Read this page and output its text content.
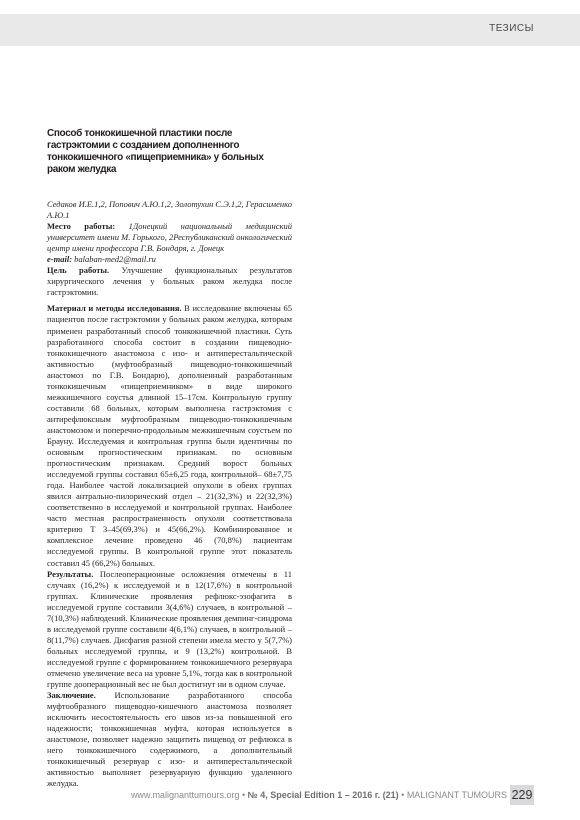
ТЕЗИСЫ
Способ тонкокишечной пластики после гастрэктомии с созданием дополненного тонкокишечного «пищеприемника» у больных раком желудка

Седаков И.Е.1,2, Попович А.Ю.1,2, Золотухин С.Э.1,2, Герасименко А.Ю.1

Место работы: 1Донецкий национальный медицинский университет имени М. Горького, 2Республиканский онкологический центр имени профессора Г.В. Бондаря, г. Донецк

e-mail: balaban-med2@mail.ru

Цель работы. Улучшение функциональных результатов хирургического лечения у больных раком желудка после гастрэктомии.

Материал и методы исследования. В исследование включены 65 пациентов после гастрэктомии у больных раком желудка, которым применен разработанный способ тонкокишечной пластики. Суть разработанного способа состоит в создании пищеводно-тонкокишечного анастомоза с изо- и антиперестальтической активностью (муфтообразный пищеводно-тонкокишечный анастомоз по Г.В. Бондарю), дополненный разработанным тонкокишечным «пищеприемником» в виде широкого межкишечного соустья длинной 15–17см. Контрольную группу составили 68 больных, которым выполнена гастрэктомия с антирефлюксным муфтообразным пищеводно-тонкокишечным анастомозом и поперечно-продольным межкишечным соустьем по Брауну. Исследуемая и контрольная группа были идентичны по основным прогностическим признакам. по основным прогностическим признакам. Средний ворост больных исследуемой группы составил 65±6,25 года, контрольной– 68±7,75 года. Наиболее частой локализацией опухоли в обеих группах явился антрально-пилорический отдел – 21(32,3%) и 22(32,3%) соответственно в исследуемой и контрольной группах. Наиболее часто местная распространенность опухоли соответствовала критерию T 3–45(69,3%) и 45(66,2%). Комбинированное и комплексное лечение проведено 46 (70,8%) пациентам исследуемой группы. В контрольной группе этот показатель составил 45 (66,2%) больных.

Результаты. Послеоперационные осложнения отмечены в 11 случаях (16,2%) к исследуемой и в 12(17,6%) в контрольной группах. Клинические проявления рефлюкс-эзофагита в исследуемой группе составили 3(4,6%) случаев, в контрольной – 7(10,3%) наблюдений. Клинические проявления демпинг-синдрома в исследуемой группе составили 4(6,1%) случаев, в контрольной – 8(11,7%) случаев. Дисфагия разной степени имела место у 5(7,7%) больных исследуемой группы, и 9 (13,2%) контрольной. В исследуемой группе с формированием тонкокишечного резервуара отмечено увеличение веса на уровне 5,1%, тогда как в контрольной группе дооперационный вес не был достигнут ни в одном случае.

Заключение. Использование разработанного способа муфтообразного пищеводно-кишечного анастомоза позволяет исключить несостоятельность его швов из-за повышенной его надежности; тонкокишечная муфта, которая используется в анастомозе, позволяет надежно защитить пищевод от рефлюкса в него тонкокишечного содержимого, а дополнительный тонкокишечный резервуар с изо- и антиперестальтической активностью выполняет резервуарную функцию удаленного желудка.

www.malignanttumours.org • № 4, Special Edition 1 – 2016 г. (21) • MALIGNANT TUMOURS 229
